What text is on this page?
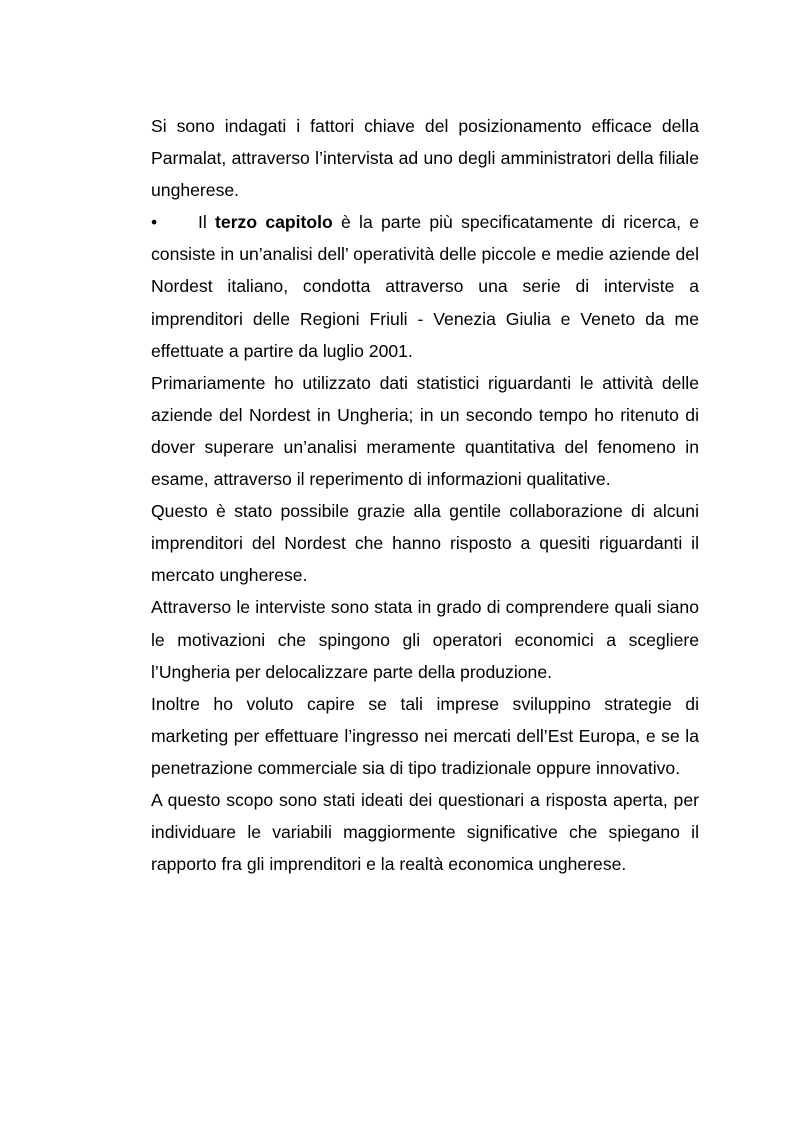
Si sono indagati i fattori chiave del posizionamento efficace della Parmalat, attraverso l’intervista ad uno degli amministratori della filiale ungherese.

• Il terzo capitolo è la parte più specificatamente di ricerca, e consiste in un’analisi dell’ operatività delle piccole e medie aziende del Nordest italiano, condotta attraverso una serie di interviste a imprenditori delle Regioni Friuli - Venezia Giulia e Veneto da me effettuate a partire da luglio 2001.

Primariamente ho utilizzato dati statistici riguardanti le attività delle aziende del Nordest in Ungheria; in un secondo tempo ho ritenuto di dover superare un’analisi meramente quantitativa del fenomeno in esame, attraverso il reperimento di informazioni qualitative.

Questo è stato possibile grazie alla gentile collaborazione di alcuni imprenditori del Nordest che hanno risposto a quesiti riguardanti il mercato ungherese.

Attraverso le interviste sono stata in grado di comprendere quali siano le motivazioni che spingono gli operatori economici a scegliere l’Ungheria per delocalizzare parte della produzione.

Inoltre ho voluto capire se tali imprese sviluppino strategie di marketing per effettuare l’ingresso nei mercati dell’Est Europa, e se la penetrazione commerciale sia di tipo tradizionale oppure innovativo.

A questo scopo sono stati ideati dei questionari a risposta aperta, per individuare le variabili maggiormente significative che spiegano il rapporto fra gli imprenditori e la realtà economica ungherese.
